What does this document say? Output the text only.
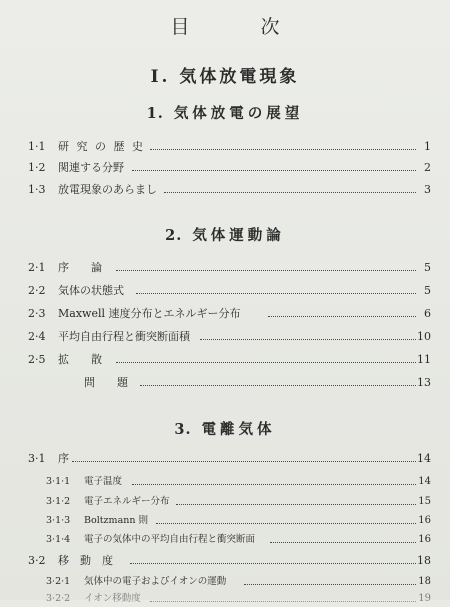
目　次
I. 気体放電現象
1. 気体放電の展望
1·1 研 究 の 歴 史	1
1·2 関連する分野	2
1·3 放電現象のあらまし	3
2. 気体運動論
2·1 序　　論	5
2·2 気体の状態式	5
2·3 Maxwell 速度分布とエネルギー分布	6
2·4 平均自由行程と衝突断面積	10
2·5 拡　　散	11
問　　題	13
3. 電離気体
3·1 序	14
3·1·1 電子温度	14
3·1·2 電子エネルギー分布	15
3·1·3 Boltzmann 則	16
3·1·4 電子の気体中の平均自由行程と衝突断面	16
3·2 移　動　度	18
3·2·1 気体中の電子およびイオンの運動	18
3·2·2 イオン移動度	19
